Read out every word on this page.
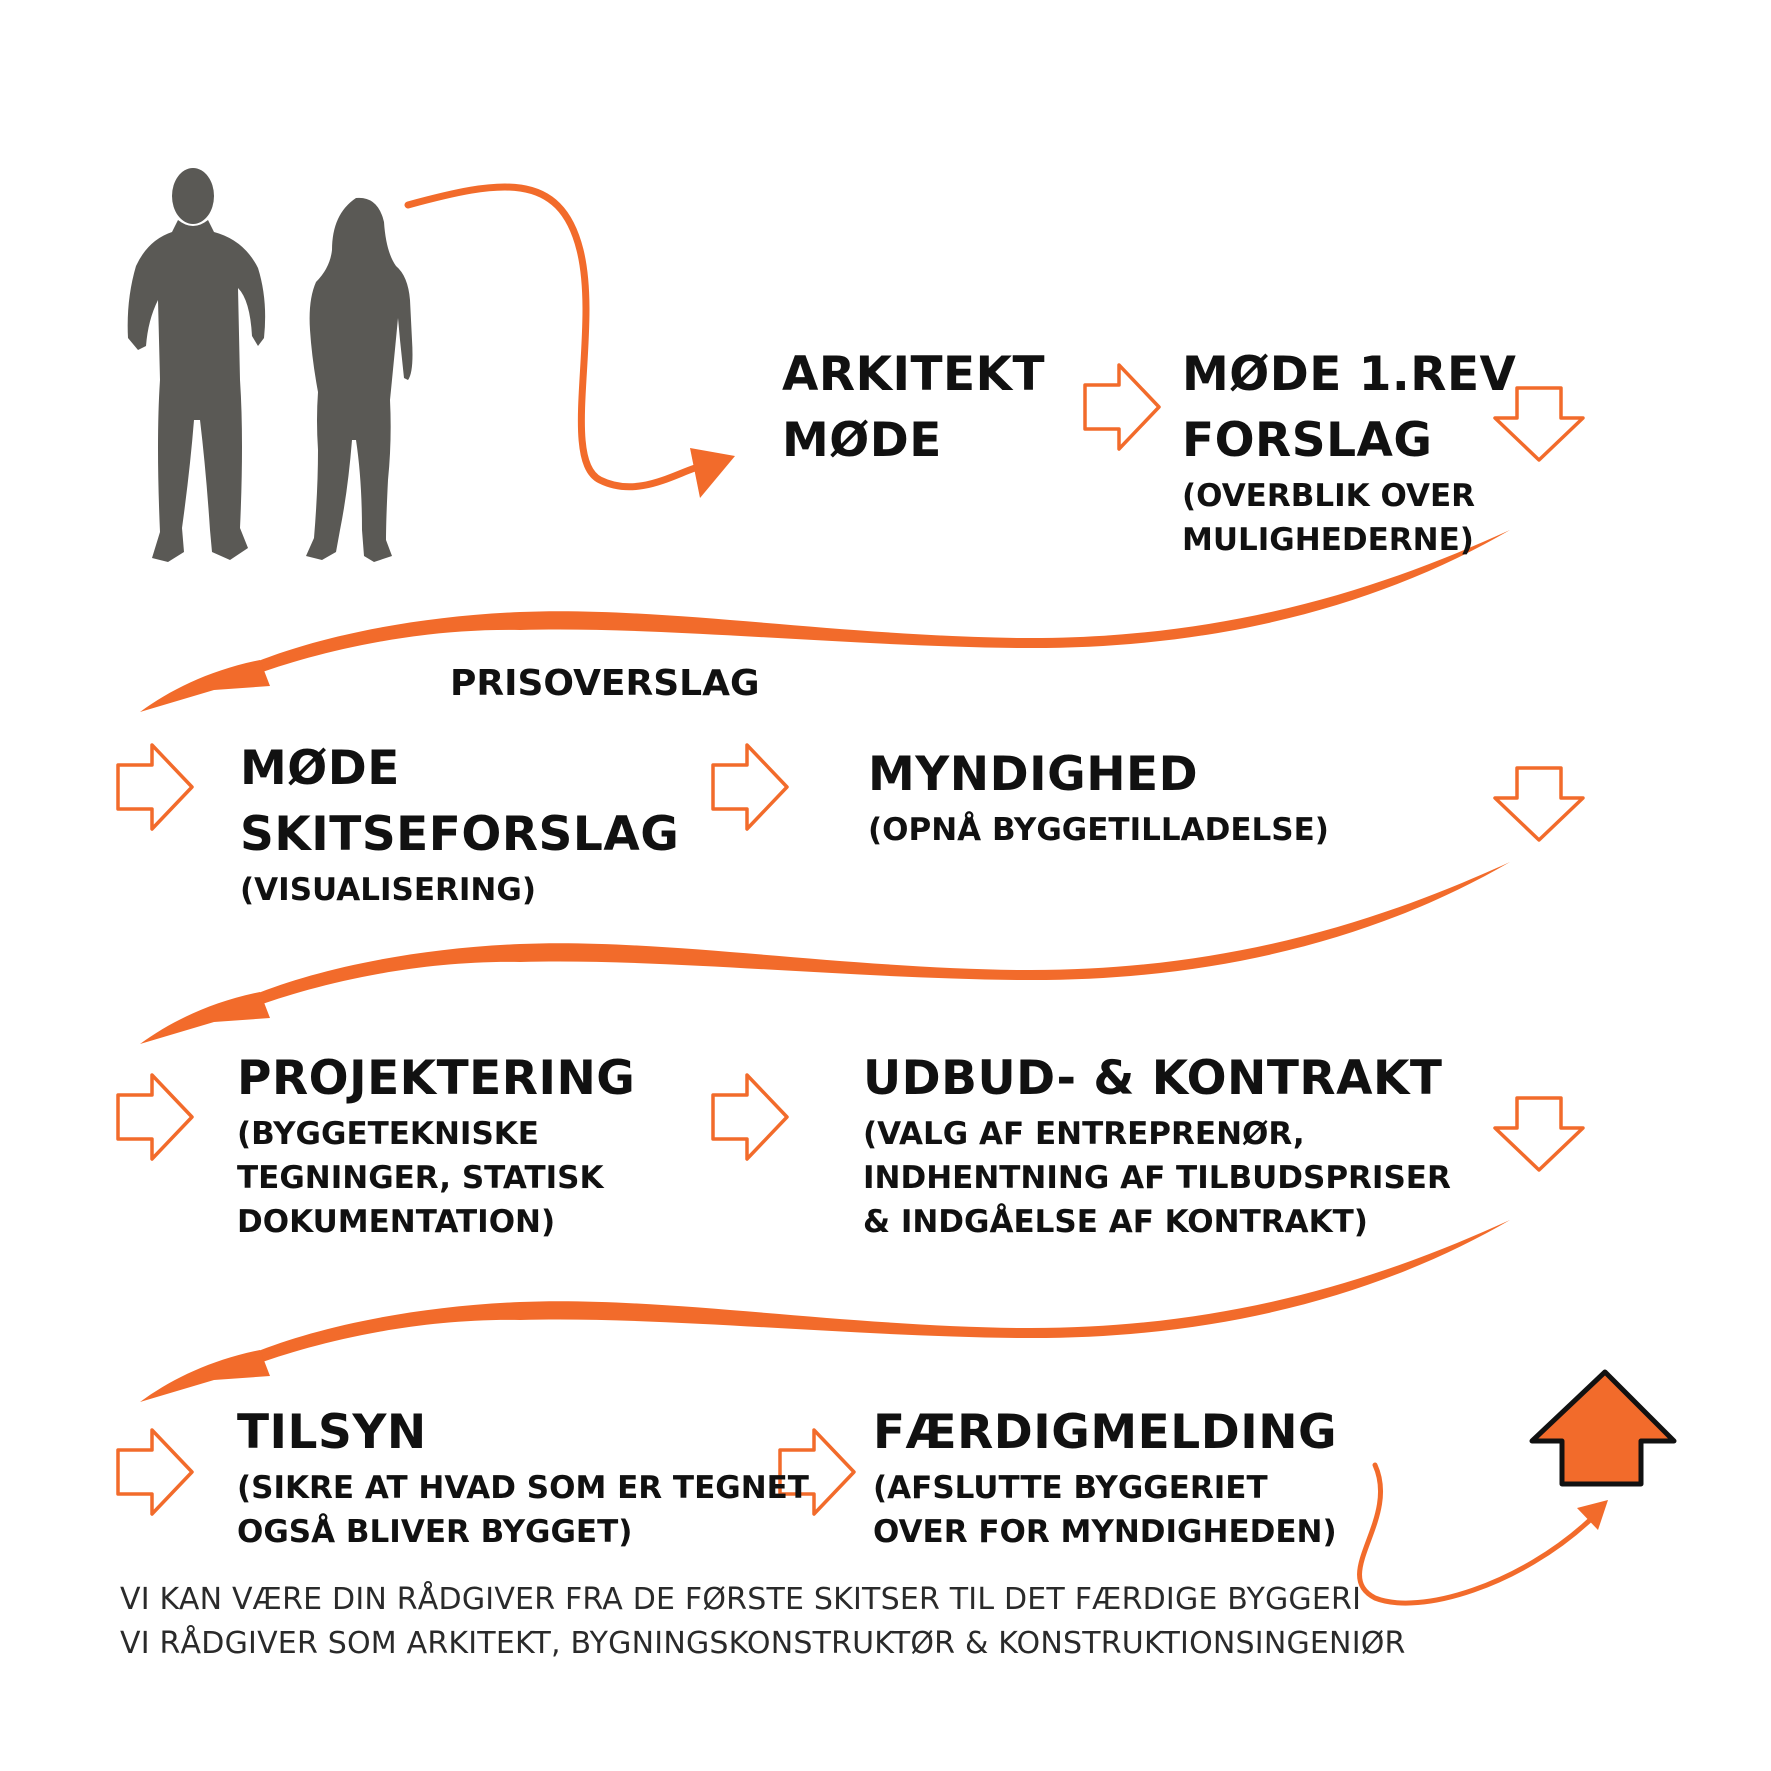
ARKITEKT
MØDE
MØDE 1.REV
FORSLAG
(OVERBLIK OVER
MULIGHEDERNE)
PRISOVERSLAG
MØDE
SKITSEFORSLAG
(VISUALISERING)
MYNDIGHED
(OPNÅ BYGGETILLADELSE)
PROJEKTERING
(BYGGETEKNISKE
TEGNINGER, STATISK
DOKUMENTATION)
UDBUD- & KONTRAKT
(VALG AF ENTREPRENØR,
INDHENTNING AF TILBUDSPRISER
& INDGÅELSE AF KONTRAKT)
TILSYN
(SIKRE AT HVAD SOM ER TEGNET
OGSÅ BLIVER BYGGET)
FÆRDIGMELDING
(AFSLUTTE BYGGERIET
OVER FOR MYNDIGHEDEN)
VI KAN VÆRE DIN RÅDGIVER FRA DE FØRSTE SKITSER TIL DET FÆRDIGE BYGGERI
VI RÅDGIVER SOM ARKITEKT, BYGNINGSKONSTRUKTØR & KONSTRUKTIONSINGENIØR
